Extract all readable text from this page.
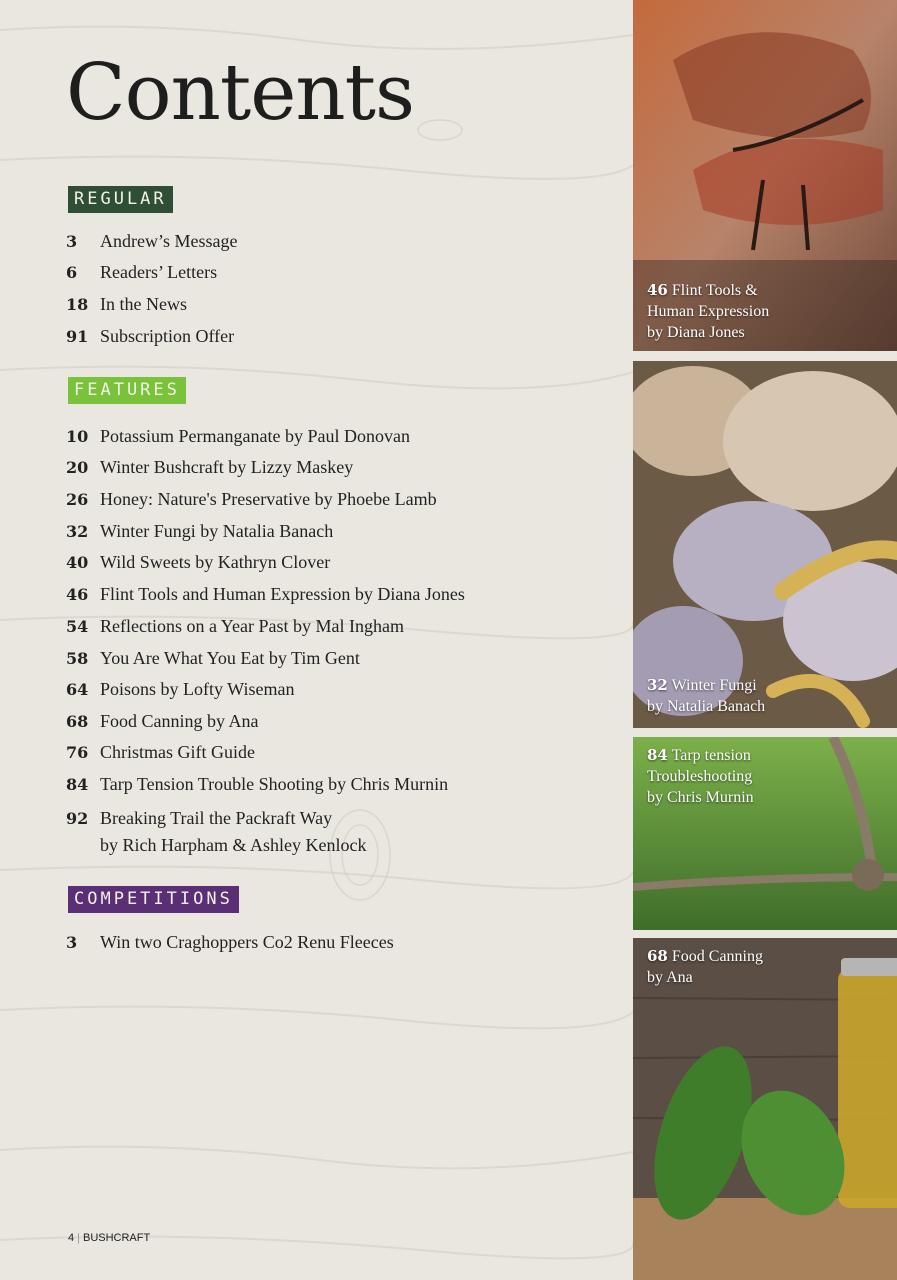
Contents
REGULAR
3 Andrew’s Message
6 Readers’ Letters
18 In the News
91 Subscription Offer
FEATURES
10 Potassium Permanganate by Paul Donovan
20 Winter Bushcraft by Lizzy Maskey
26 Honey: Nature's Preservative by Phoebe Lamb
32 Winter Fungi by Natalia Banach
40 Wild Sweets by Kathryn Clover
46 Flint Tools and Human Expression by Diana Jones
54 Reflections on a Year Past by Mal Ingham
58 You Are What You Eat by Tim Gent
64 Poisons by Lofty Wiseman
68 Food Canning by Ana
76 Christmas Gift Guide
84 Tarp Tension Trouble Shooting by Chris Murnin
92 Breaking Trail the Packraft Way
by Rich Harpham & Ashley Kenlock
COMPETITIONS
3 Win two Craghoppers Co2 Renu Fleeces
4 | BUSHCRAFT
46 Flint Tools &
Human Expression
by Diana Jones
32 Winter Fungi
by Natalia Banach
84 Tarp tension
Troubleshooting
by Chris Murnin
68 Food Canning
by Ana
